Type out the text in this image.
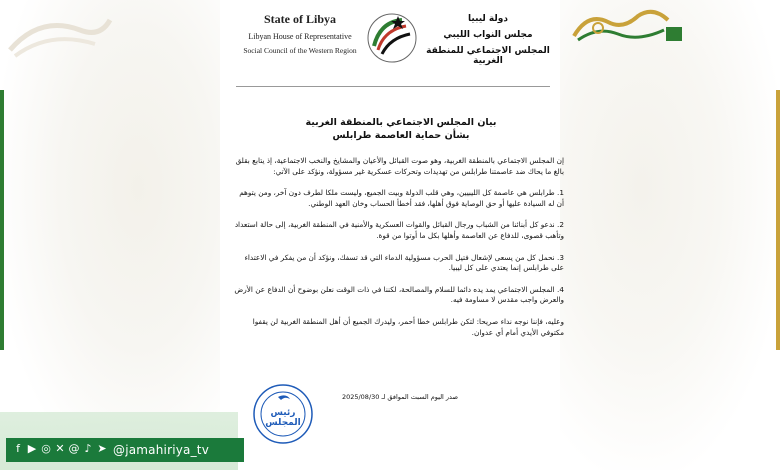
State of Libya
Libyan House of Representative
Social Council of the Western Region
دولة ليبيا
مجلس النواب الليبي
المجلس الاجتماعي للمنطقة الغربية
بيان المجلس الاجتماعي بالمنطقة الغربية
بشأن حماية العاصمة طرابلس

إن المجلس الاجتماعي بالمنطقة الغربية، وهو صوت القبائل والأعيان والمشايخ والنخب الاجتماعية، إذ يتابع بقلق بالغ ما يحاك ضد عاصمتنا طرابلس من تهديدات وتحركات عسكرية غير مسؤولة، ونؤكد على الآتي:

1. طرابلس هي عاصمة كل الليبيين، وهي قلب الدولة وبيت الجميع، وليست ملكا لطرف دون آخر، ومن يتوهم أن له السيادة عليها أو حق الوصاية فوق أهلها، فقد أخطأ الحساب وخان العهد الوطني.

2. ندعو كل أبنائنا من الشباب ورجال القبائل والقوات العسكرية والأمنية في المنطقة الغربية، إلى حالة استعداد وتأهب قصوى، للدفاع عن العاصمة وأهلها بكل ما أوتوا من قوة.

3. نحمل كل من يسعى لإشعال فتيل الحرب مسؤولية الدماء التي قد تسفك، ونؤكد أن من يفكر في الاعتداء على طرابلس إنما يعتدي على كل ليبيا.

4. المجلس الاجتماعي يمد يده دائما للسلام والمصالحة، لكننا في ذات الوقت نعلن بوضوح أن الدفاع عن الأرض والعرض واجب مقدس لا مساومة فيه.

وعليه، فإننا نوجه نداء صريحا: لتكن طرابلس خطا أحمر، وليدرك الجميع أن أهل المنطقة الغربية لن يقفوا مكتوفي الأيدي أمام أي عدوان.

صدر اليوم السبت الموافق لـ 2025/08/30
رئيس المجلس
f ▶ ◎ ✕ @ ♪ ➤ @jamahiriya_tv
